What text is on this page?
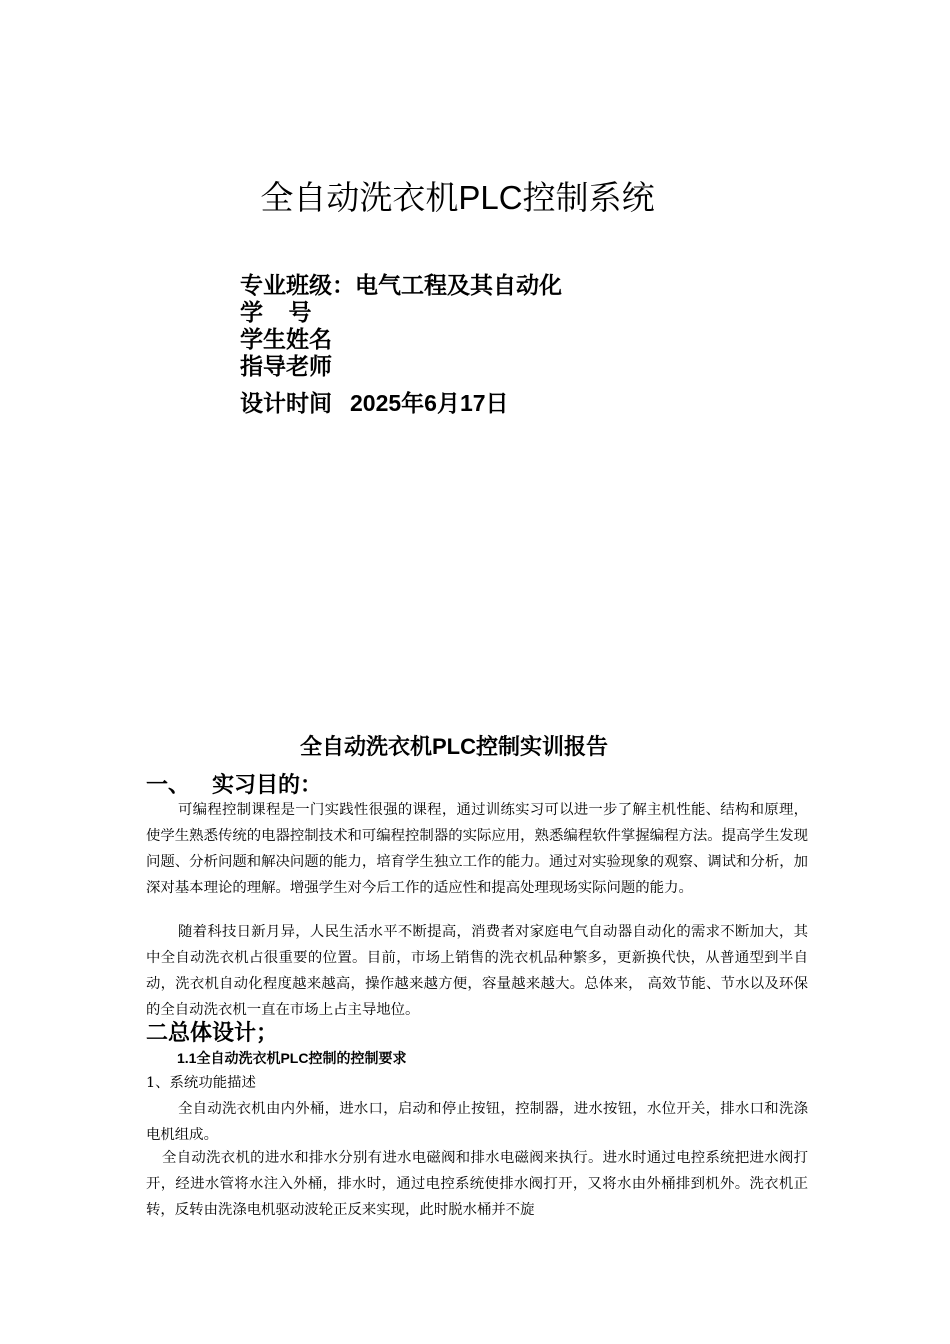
全自动洗衣机PLC控制系统
专业班级：电气工程及其自动化
学    号
学生姓名
指导老师
设计时间 2025年6月17日
全自动洗衣机PLC控制实训报告
一、 实习目的：

可编程控制课程是一门实践性很强的课程，通过训练实习可以进一步了解主机性能、结构和原理，使学生熟悉传统的电器控制技术和可编程控制器的实际应用，熟悉编程软件掌握编程方法。提高学生发现问题、分析问题和解决问题的能力，培育学生独立工作的能力。通过对实验现象的观察、调试和分析，加深对基本理论的理解。增强学生对今后工作的适应性和提高处理现场实际问题的能力。

随着科技日新月异，人民生活水平不断提高，消费者对家庭电气自动器自动化的需求不断加大，其中全自动洗衣机占很重要的位置。目前，市场上销售的洗衣机品种繁多，更新换代快，从普通型到半自动，洗衣机自动化程度越来越高，操作越来越方便，容量越来越大。总体来， 高效节能、节水以及环保的全自动洗衣机一直在市场上占主导地位。

二总体设计；
1.1全自动洗衣机PLC控制的控制要求
1、系统功能描述

全自动洗衣机由内外桶，进水口，启动和停止按钮，控制器，进水按钮，水位开关，排水口和洗涤电机组成。

全自动洗衣机的进水和排水分别有进水电磁阀和排水电磁阀来执行。进水时通过电控系统把进水阀打开，经进水管将水注入外桶，排水时，通过电控系统使排水阀打开，又将水由外桶排到机外。洗衣机正转，反转由洗涤电机驱动波轮正反来实现，此时脱水桶并不旋
